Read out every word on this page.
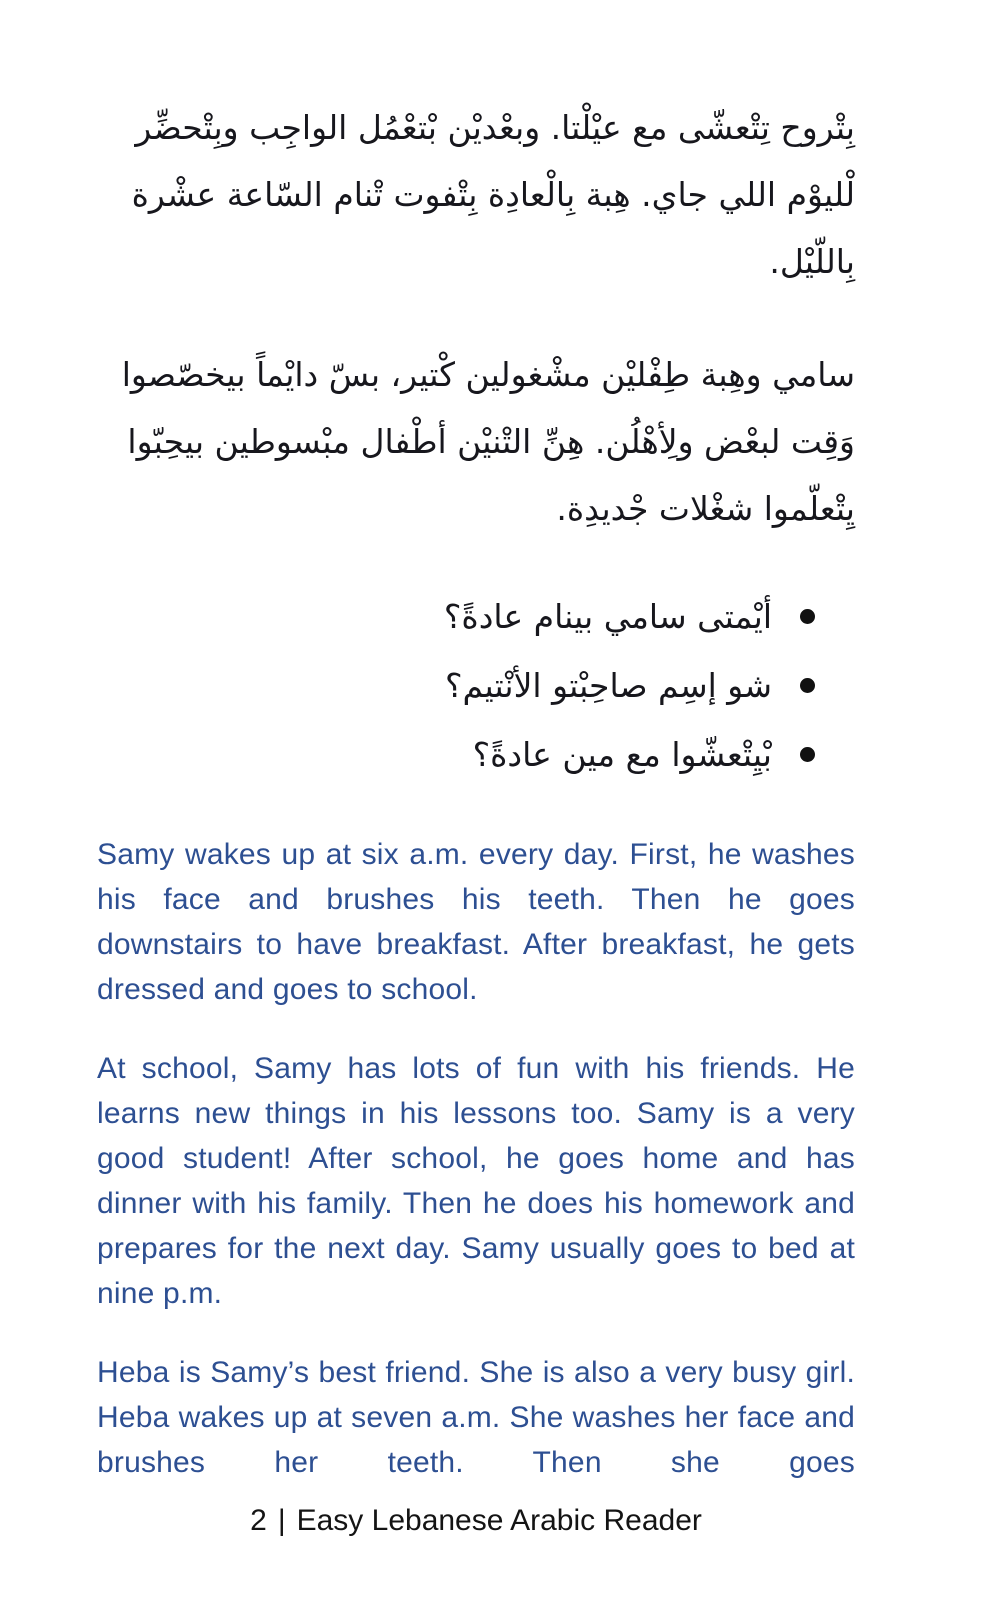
بِتْروح تِتْعشّى مع عيْلْتا. وبعْديْن بْتعْمُل الواجِب وبِتْحضِّر لْليوْم اللي جاي. هِبة بِالْعادِة بِتْفوت تْنام السّاعة عشْرة بِاللّيْل.

سامي وهِبة طِفْليْن مشْغولين كْتير، بسّ دايْماً بيخصّصوا وَقِت لبعْض ولِأهْلُن. هِنِّ التْنيْن أطْفال مبْسوطين بيحِبّوا يِتْعلّموا شغْلات جْديدِة.

أيْمتى سامي بينام عادةً؟
شو إسِم صاحِبْتو الأنْتيم؟
بْيِتْعشّوا مع مين عادةً؟

Samy wakes up at six a.m. every day. First, he washes his face and brushes his teeth. Then he goes downstairs to have breakfast. After breakfast, he gets dressed and goes to school.

At school, Samy has lots of fun with his friends. He learns new things in his lessons too. Samy is a very good student! After school, he goes home and has dinner with his family. Then he does his homework and prepares for the next day. Samy usually goes to bed at nine p.m.

Heba is Samy’s best friend. She is also a very busy girl. Heba wakes up at seven a.m. She washes her face and brushes her teeth. Then she goes

2 | Easy Lebanese Arabic Reader
